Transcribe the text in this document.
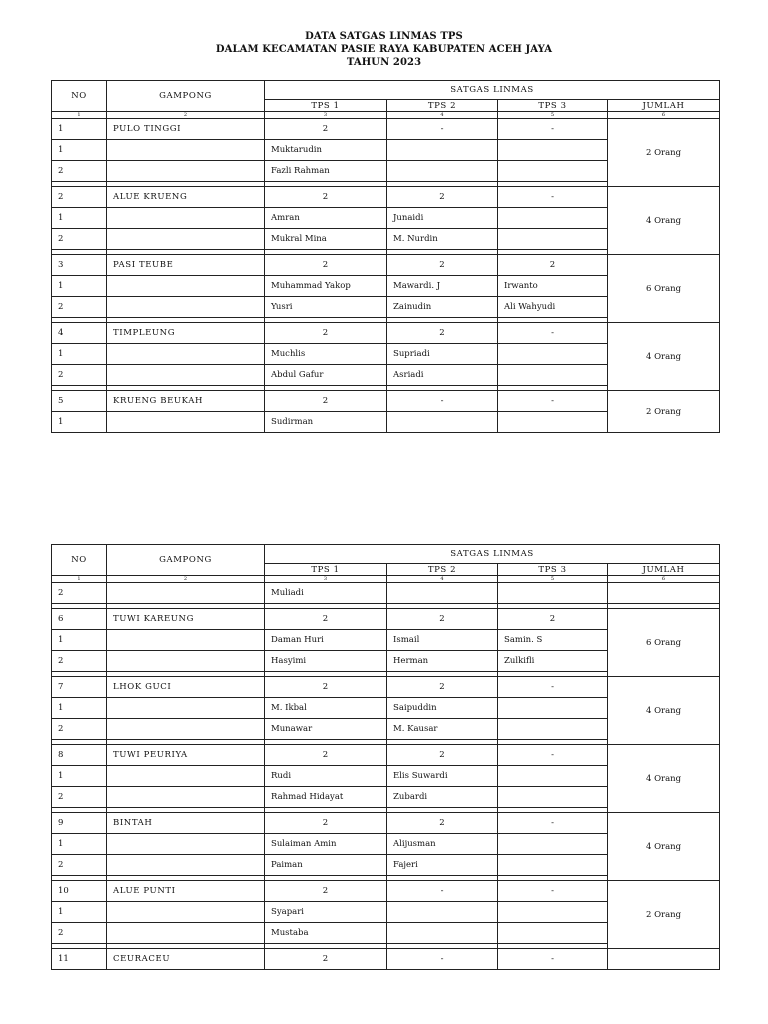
DATA SATGAS LINMAS TPS
DALAM KECAMATAN PASIE RAYA KABUPATEN ACEH JAYA
TAHUN 2023
NO	GAMPONG	SATGAS LINMAS			
		TPS 1	TPS 2	TPS 3	JUMLAH
1	2	3	4	5	6
1	PULO TINGGI	2	-	-	2 Orang
1		Muktarudin			
2		Fazli Rahman			

2	ALUE KRUENG	2	2	-	4 Orang
1		Amran	Junaidi		
2		Mukral Mina	M. Nurdin		

3	PASI TEUBE	2	2	2	6 Orang
1		Muhammad Yakop	Mawardi. J	Irwanto	
2		Yusri	Zainudin	Ali Wahyudi	

4	TIMPLEUNG	2	2	-	4 Orang
1		Muchlis	Supriadi		
2		Abdul Gafur	Asriadi		

5	KRUENG BEUKAH	2	-	-	2 Orang
1		Sudirman			
NO	GAMPONG	SATGAS LINMAS			
		TPS 1	TPS 2	TPS 3	JUMLAH
1	2	3	4	5	6
2		Muliadi			

6	TUWI KAREUNG	2	2	2	6 Orang
1		Daman Huri	Ismail	Samin. S	
2		Hasyimi	Herman	Zulkifli	

7	LHOK GUCI	2	2	-	4 Orang
1		M. Ikbal	Saipuddin		
2		Munawar	M. Kausar		

8	TUWI PEURIYA	2	2	-	4 Orang
1		Rudi	Elis Suwardi		
2		Rahmad Hidayat	Zubardi		

9	BINTAH	2	2	-	4 Orang
1		Sulaiman Amin	Alijusman		
2		Paiman	Fajeri		

10	ALUE PUNTI	2	-	-	2 Orang
1		Syapari			
2		Mustaba			

11	CEURACEU	2	-	-	
